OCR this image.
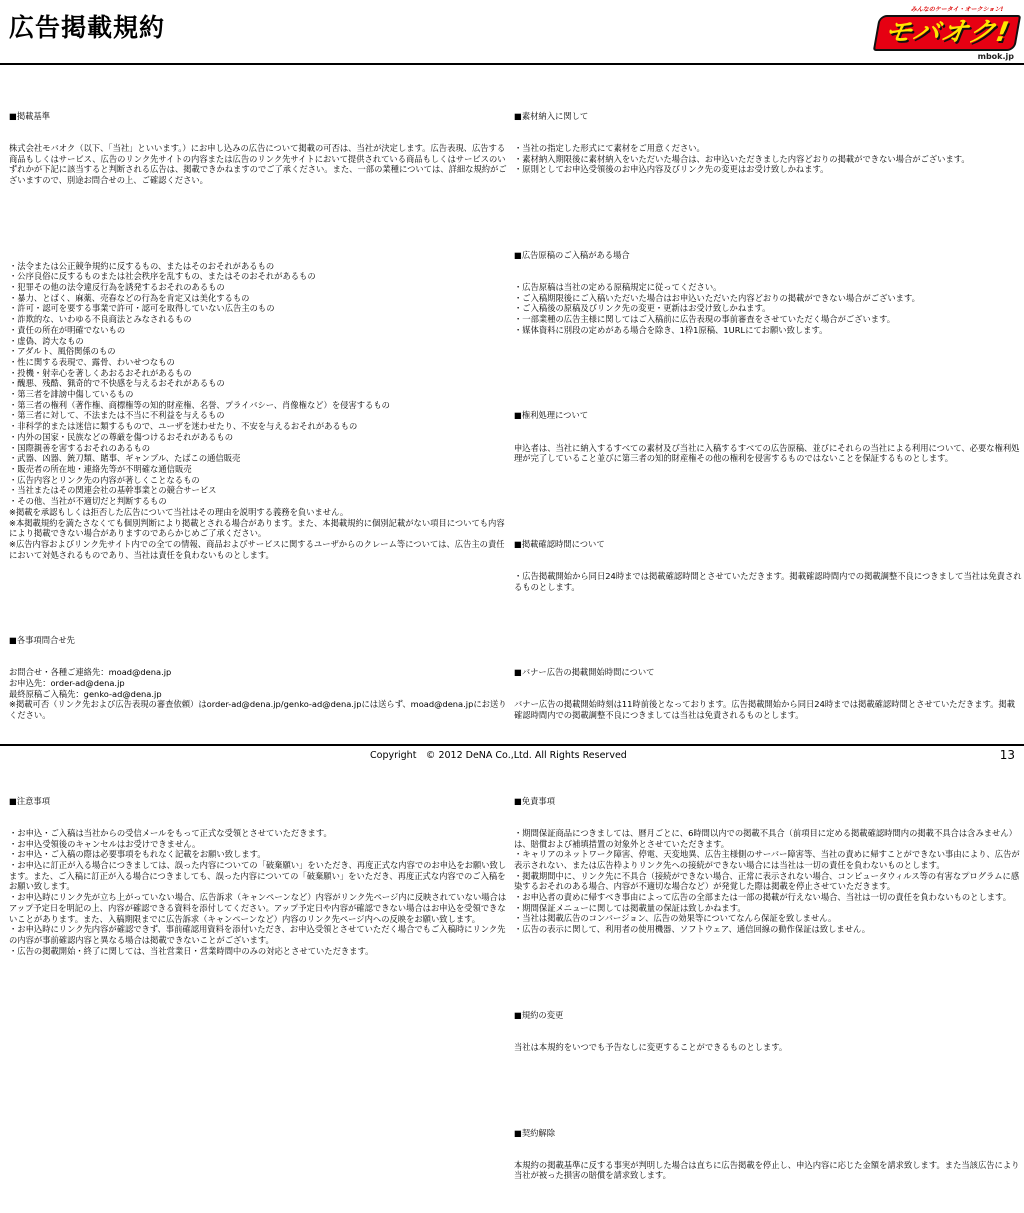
広告掲載規約
みんなのケータイ・オークション!
モバオク!
mbok.jp

■掲載基準

株式会社モバオク（以下、「当社」といいます。）にお申し込みの広告について掲載の可否は、当社が決定します。広告表現、広告する商品もしくはサービス、広告のリンク先サイトの内容または広告のリンク先サイトにおいて提供されている商品もしくはサービスのいずれかが下記に該当すると判断される広告は、掲載できかねますのでご了承ください。また、一部の業種については、詳細な規約がございますので、別途お問合せの上、ご確認ください。

・法令または公正競争規約に反するもの、またはそのおそれがあるもの
・公序良俗に反するものまたは社会秩序を乱すもの、またはそのおそれがあるもの
・犯罪その他の法令違反行為を誘発するおそれのあるもの
・暴力、とばく、麻薬、売春などの行為を肯定又は美化するもの
・許可・認可を要する事業で許可・認可を取得していない広告主のもの
・詐欺的な、いわゆる不良商法とみなされるもの
・責任の所在が明確でないもの
・虚偽、誇大なもの
・アダルト、風俗関係のもの
・性に関する表現で、露骨、わいせつなもの
・投機・射幸心を著しくあおるおそれがあるもの
・醜悪、残酷、猟奇的で不快感を与えるおそれがあるもの
・第三者を誹謗中傷しているもの
・第三者の権利（著作権、商標権等の知的財産権、名誉、プライバシー、肖像権など）を侵害するもの
・第三者に対して、不法または不当に不利益を与えるもの
・非科学的または迷信に類するもので、ユーザを迷わせたり、不安を与えるおそれがあるもの
・内外の国家・民族などの尊厳を傷つけるおそれがあるもの
・国際親善を害するおそれのあるもの
・武器、凶器、銃刀類、賭事、ギャンブル、たばこの通信販売
・販売者の所在地・連絡先等が不明確な通信販売
・広告内容とリンク先の内容が著しくことなるもの
・当社またはその関連会社の基幹事業との競合サービス
・その他、当社が不適切だと判断するもの
※掲載を承認もしくは拒否した広告について当社はその理由を説明する義務を負いません。
※本掲載規約を満たさなくても個別判断により掲載とされる場合があります。また、本掲載規約に個別記載がない項目についても内容により掲載できない場合がありますのであらかじめご了承ください。
※広告内容およびリンク先サイト内での全ての情報、商品およびサービスに関するユーザからのクレーム等については、広告主の責任において対処されるものであり、当社は責任を負わないものとします。

■各事項問合せ先

お問合せ・各種ご連絡先：moad@dena.jp
お申込先：order-ad@dena.jp
最終原稿ご入稿先：genko-ad@dena.jp
※掲載可否（リンク先および広告表現の審査依頼）はorder-ad@dena.jp/genko-ad@dena.jpには送らず、moad@dena.jpにお送りください。

■注意事項

・お申込・ご入稿は当社からの受信メールをもって正式な受領とさせていただきます。
・お申込受領後のキャンセルはお受けできません。
・お申込・ご入稿の際は必要事項をもれなく記載をお願い致します。
・お申込に訂正が入る場合につきましては、誤った内容についての「破棄願い」をいただき、再度正式な内容でのお申込をお願い致します。また、ご入稿に訂正が入る場合につきましても、誤った内容についての「破棄願い」をいただき、再度正式な内容でのご入稿をお願い致します。
・お申込時にリンク先が立ち上がっていない場合、広告訴求（キャンペーンなど）内容がリンク先ページ内に反映されていない場合はアップ予定日を明記の上、内容が確認できる資料を添付してください。アップ予定日や内容が確認できない場合はお申込を受領できないことがあります。また、入稿期限までに広告訴求（キャンペーンなど）内容のリンク先ページ内への反映をお願い致します。
・お申込時にリンク先内容が確認できず、事前確認用資料を添付いただき、お申込受領とさせていただく場合でもご入稿時にリンク先の内容が事前確認内容と異なる場合は掲載できないことがございます。
・広告の掲載開始・終了に関しては、当社営業日・営業時間中のみの対応とさせていただきます。

■素材納入に関して

・当社の指定した形式にて素材をご用意ください。
・素材納入期限後に素材納入をいただいた場合は、お申込いただきました内容どおりの掲載ができない場合がございます。
・原則としてお申込受領後のお申込内容及びリンク先の変更はお受け致しかねます。

■広告原稿のご入稿がある場合

・広告原稿は当社の定める原稿規定に従ってください。
・ご入稿期限後にご入稿いただいた場合はお申込いただいた内容どおりの掲載ができない場合がございます。
・ご入稿後の原稿及びリンク先の変更・更新はお受け致しかねます。
・一部業種の広告主様に関してはご入稿前に広告表現の事前審査をさせていただく場合がございます。
・媒体資料に別段の定めがある場合を除き、1枠1原稿、1URLにてお願い致します。

■権利処理について

申込者は、当社に納入するすべての素材及び当社に入稿するすべての広告原稿、並びにそれらの当社による利用について、必要な権利処理が完了していること並びに第三者の知的財産権その他の権利を侵害するものではないことを保証するものとします。

■掲載確認時間について

・広告掲載開始から同日24時までは掲載確認時間とさせていただきます。掲載確認時間内での掲載調整不良につきまして当社は免責されるものとします。

■バナー広告の掲載開始時間について

バナー広告の掲載開始時刻は11時前後となっております。広告掲載開始から同日24時までは掲載確認時間とさせていただきます。掲載確認時間内での掲載調整不良につきましては当社は免責されるものとします。

■免責事項

・期間保証商品につきましては、暦月ごとに、6時間以内での掲載不具合（前項目に定める掲載確認時間内の掲載不具合は含みません）は、賠償および補填措置の対象外とさせていただきます。
・キャリアのネットワーク障害、停電、天変地異、広告主様側のサーバー障害等、当社の責めに帰すことができない事由により、広告が表示されない、または広告枠よりリンク先への接続ができない場合には当社は一切の責任を負わないものとします。
・掲載期間中に、リンク先に不具合（接続ができない場合、正常に表示されない場合、コンピュータウィルス等の有害なプログラムに感染するおそれのある場合、内容が不適切な場合など）が発覚した際は掲載を停止させていただきます。
・お申込者の責めに帰すべき事由によって広告の全部または一部の掲載が行えない場合、当社は一切の責任を負わないものとします。
・期間保証メニューに関しては掲載量の保証は致しかねます。
・当社は掲載広告のコンバージョン、広告の効果等についてなんら保証を致しません。
・広告の表示に関して、利用者の使用機器、ソフトウェア、通信回線の動作保証は致しません。

■規約の変更

当社は本規約をいつでも予告なしに変更することができるものとします。

■契約解除

本規約の掲載基準に反する事実が判明した場合は直ちに広告掲載を停止し、申込内容に応じた金額を請求致します。また当該広告により当社が被った損害の賠償を請求致します。

Copyright　© 2012 DeNA Co.,Ltd. All Rights Reserved	13
